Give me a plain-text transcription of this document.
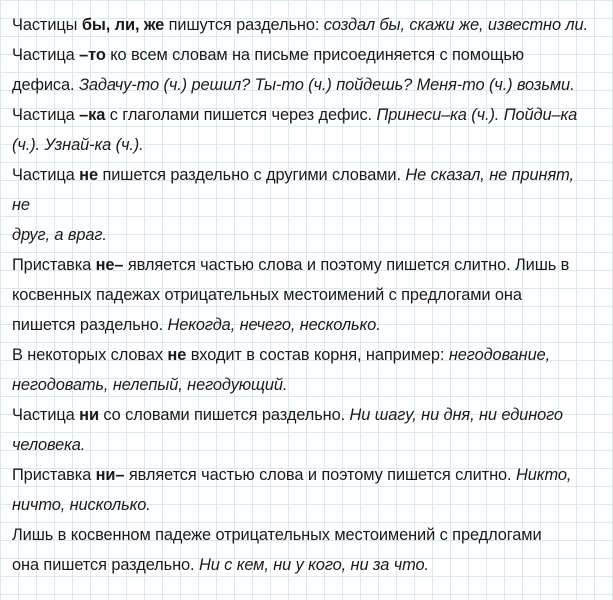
Частицы бы, ли, же пишутся раздельно: создал бы, скажи же, известно ли.
Частица –то ко всем словам на письме присоединяется с помощью
дефиса. Задачу-то (ч.) решил? Ты-то (ч.) пойдешь? Меня-то (ч.) возьми.
Частица –ка с глаголами пишется через дефис. Принеси–ка (ч.). Пойди–ка
(ч.). Узнай-ка (ч.).
Частица не пишется раздельно с другими словами. Не сказал, не принят,
не
друг, а враг.
Приставка не– является частью слова и поэтому пишется слитно. Лишь в
косвенных падежах отрицательных местоимений с предлогами она
пишется раздельно. Некогда, нечего, несколько.
В некоторых словах не входит в состав корня, например: негодование,
негодовать, нелепый, негодующий.
Частица ни со словами пишется раздельно. Ни шагу, ни дня, ни единого
человека.
Приставка ни– является частью слова и поэтому пишется слитно. Никто,
ничто, нисколько.
Лишь в косвенном падеже отрицательных местоимений с предлогами
она пишется раздельно. Ни с кем, ни у кого, ни за что.
